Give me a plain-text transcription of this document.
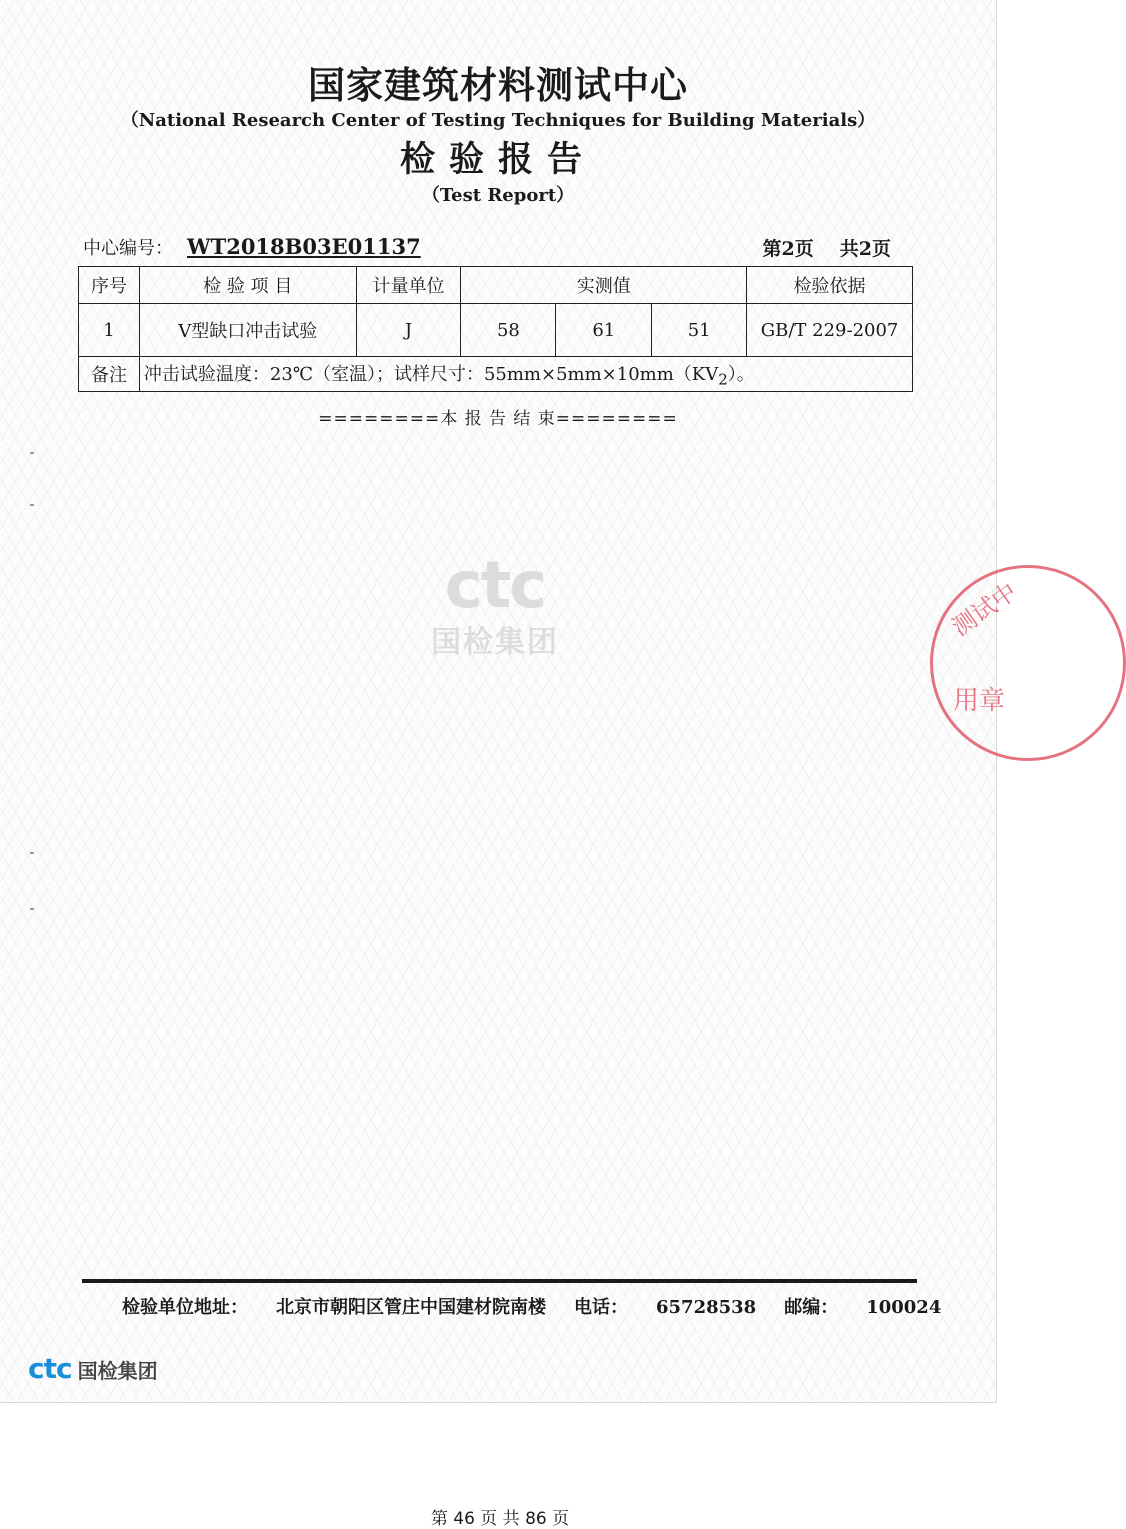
国家建筑材料测试中心
（National Research Center of Testing Techniques for Building Materials）
检验报告
（Test Report）
中心编号： WT2018B03E01137	第2页 共2页
序号	检 验 项 目	计量单位	实测值			检验依据
1	V型缺口冲击试验	J	58	61	51	GB/T 229-2007
备注	冲击试验温度：23℃（室温）；试样尺寸：$55mm\times 5mm\times 10mm(KV_2)$。					
========本 报 告 结 束========
ctc
国检集团
测试中
用章
检验单位地址： 北京市朝阳区管庄中国建材院南楼 电话： 65728538 邮编： 100024
ctc 国检集团
第 46 页 共 86 页
